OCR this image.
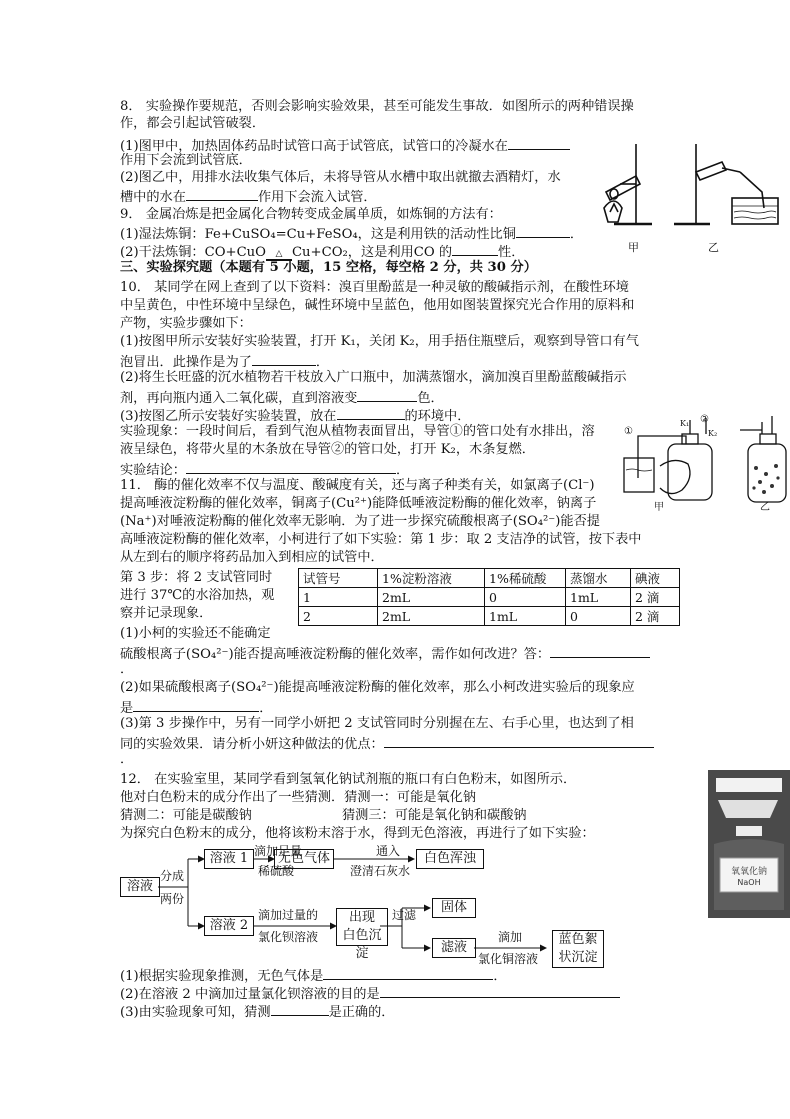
8． 实验操作要规范，否则会影响实验效果，甚至可能发生事故．如图所示的两种错误操
作，都会引起试管破裂．
(1)图甲中，加热固体药品时试管口高于试管底，试管口的冷凝水在
作用下会流到试管底．
(2)图乙中，用排水法收集气体后，未将导管从水槽中取出就撤去酒精灯，水
槽中的水在	作用下会流入试管．
甲	乙
9． 金属冶炼是把金属化合物转变成金属单质，如炼铜的方法有：
(1)湿法炼铜：Fe+CuSO₄=Cu+FeSO₄，这是利用铁的活动性比铜	．
(2)干法炼铜：CO+CuO △ Cu+CO₂，这是利用CO 的	性．
三、实验探究题（本题有 5 小题，15 空格，每空格 2 分，共 30 分）
10． 某同学在网上查到了以下资料：溴百里酚蓝是一种灵敏的酸碱指示剂，在酸性环境
中呈黄色，中性环境中呈绿色，碱性环境中呈蓝色，他用如图装置探究光合作用的原料和
产物，实验步骤如下：
(1)按图甲所示安装好实验装置，打开 K₁，关闭 K₂，用手捂住瓶壁后，观察到导管口有气
泡冒出．此操作是为了	．
(2)将生长旺盛的沉水植物若干枝放入广口瓶中，加满蒸馏水，滴加溴百里酚蓝酸碱指示
剂，再向瓶内通入二氧化碳，直到溶液变	色．
(3)按图乙所示安装好实验装置，放在	的环境中．
实验现象：一段时间后，看到气泡从植物表面冒出，导管①的管口处有水排出，溶
液呈绿色，将带火星的木条放在导管②的管口处，打开 K₂，木条复燃．
实验结论：	．
①
②
K₁
K₂
甲	乙
11． 酶的催化效率不仅与温度、酸碱度有关，还与离子种类有关，如氯离子(Cl⁻)
提高唾液淀粉酶的催化效率，铜离子(Cu²⁺)能降低唾液淀粉酶的催化效率，钠离子
(Na⁺)对唾液淀粉酶的催化效率无影响．为了进一步探究硫酸根离子(SO₄²⁻)能否提
高唾液淀粉酶的催化效率，小柯进行了如下实验：第 1 步：取 2 支洁净的试管，按下表中
从左到右的顺序将药品加入到相应的试管中．
第 3 步：将 2 支试管同时
进行 37℃的水浴加热，观
察并记录现象．
试管号	1%淀粉溶液	1%稀硫酸	蒸馏水	碘液
1	2mL	0	1mL	2 滴
2	2mL	1mL	0	2 滴
(1)小柯的实验还不能确定
硫酸根离子(SO₄²⁻)能否提高唾液淀粉酶的催化效率，需作如何改进？答：
．
(2)如果硫酸根离子(SO₄²⁻)能提高唾液淀粉酶的催化效率，那么小柯改进实验后的现象应
是	．
(3)第 3 步操作中，另有一同学小妍把 2 支试管同时分别握在左、右手心里，也达到了相
同的实验效果．请分析小妍这种做法的优点：
．
12． 在实验室里，某同学看到氢氧化钠试剂瓶的瓶口有白色粉末，如图所示．
他对白色粉末的成分作出了一些猜测．猜测一：可能是氧化钠
猜测二：可能是碳酸钠	猜测三：可能是氧化钠和碳酸钠
为探究白色粉末的成分，他将该粉末溶于水，得到无色溶液，再进行了如下实验：
氧氧化钠
NaOH
溶液
分成
两份
溶液 1 滴加足量
稀硫酸
无色气体	通入
澄清石灰水
白色浑浊
溶液 2
滴加过量的
氯化钡溶液
出现
白色沉淀
过滤	固体
滤液
滴加
氯化铜溶液
蓝色絮
状沉淀
(1)根据实验现象推测，无色气体是	．
(2)在溶液 2 中滴加过量氯化钡溶液的目的是
(3)由实验现象可知，猜测	是正确的．
